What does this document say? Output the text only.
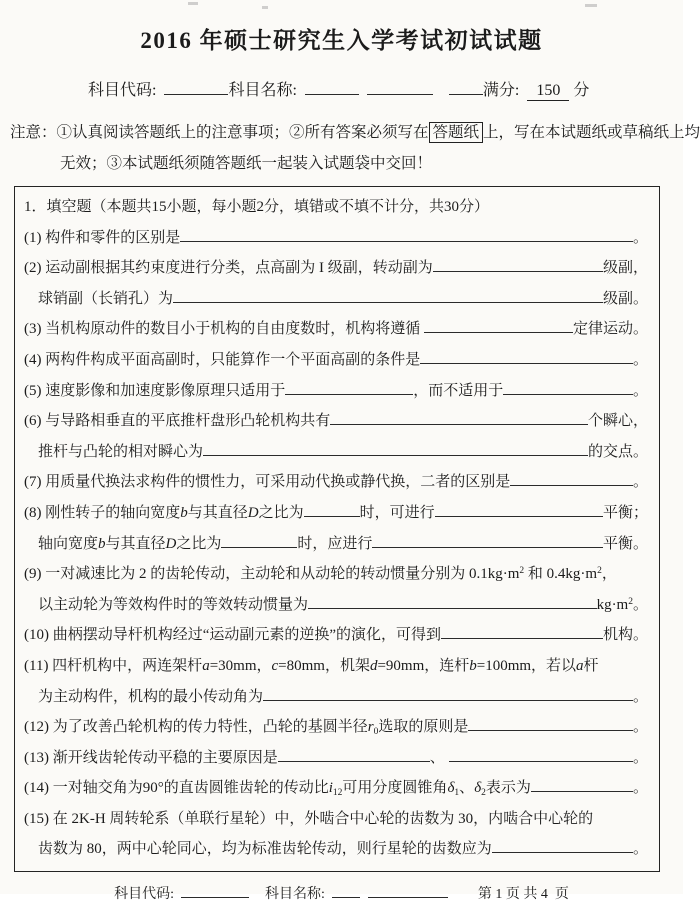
2016 年硕士研究生入学考试初试试题
科目代码:	科目名称:	满分: 150 分
注意： ①认真阅读答题纸上的注意事项；②所有答案必须写在 答题纸 上，写在本试题纸或草稿纸上均
无效；③本试题纸须随答题纸一起装入试题袋中交回！
1．填空题（本题共15小题，每小题2分，填错或不填不计分，共30分）
(1) 构件和零件的区别是	。
(2) 运动副根据其约束度进行分类，点高副为 I 级副，转动副为	级副，
球销副（长销孔）为	级副。
(3) 当机构原动件的数目小于机构的自由度数时，机构将遵循	定律运动。
(4) 两构件构成平面高副时，只能算作一个平面高副的条件是	。
(5) 速度影像和加速度影像原理只适用于	，而不适用于	。
(6) 与导路相垂直的平底推杆盘形凸轮机构共有	个瞬心，
推杆与凸轮的相对瞬心为	的交点。
(7) 用质量代换法求构件的惯性力，可采用动代换或静代换，二者的区别是	。
(8) 刚性转子的轴向宽度 b 与其直径 D 之比为	时，可进行	平衡；
轴向宽度 b 与其直径 D 之比为	时，应进行	平衡。
(9) 一对减速比为 2 的齿轮传动，主动轮和从动轮的转动惯量分别为 0.1kg·m 2 和 0.4kg·m 2 ，
以主动轮为等效构件时的等效转动惯量为	kg·m 2 。
(10) 曲柄摆动导杆机构经过“运动副元素的逆换”的演化，可得到	机构。
(11) 四杆机构中，两连架杆 a =30mm， c =80mm，机架 d =90mm，连杆 b =100mm，若以 a 杆
为主动构件，机构的最小传动角为	。
(12) 为了改善凸轮机构的传力特性，凸轮的基圆半径 r 0 选取的原则是	。
(13) 渐开线齿轮传动平稳的主要原因是	、	。
(14) 一对轴交角为90°的直齿圆锥齿轮的传动比 i 12 可用分度圆锥角 δ 1 、 δ 2 表示为	。
(15) 在 2K-H 周转轮系（单联行星轮）中，外啮合中心轮的齿数为 30，内啮合中心轮的
齿数为 80，两中心轮同心，均为标准齿轮传动，则行星轮的齿数应为	。
科目代码:	科目名称:	第 1 页 共 4  页
